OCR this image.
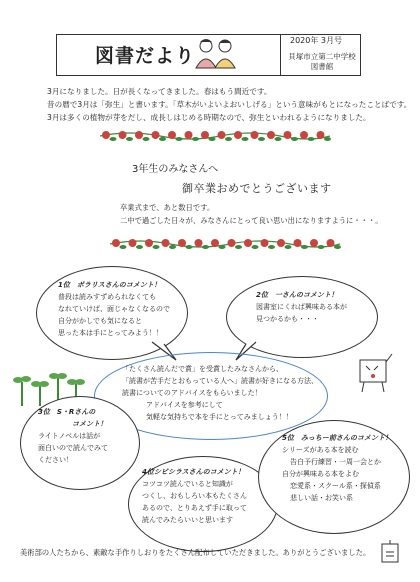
図書だより
2020年 3月号
貝塚市立第二中学校
図書館

3月になりました。日が長くなってきました。春はもう間近です。

昔の暦で3月は「弥生」と書います。「草木がいよいよおいしげる」という意味がもとになったことばです。

3月は多くの植物が芽をだし、成長しはじめる時期なので、弥生といわれるようになりました。

3年生のみなさんへ
御卒業おめでとうございます

卒業式まで、あと数日です。

二中で過ごした日々が、みなさんにとって良い思い出になりますように・・・。

1位　ボラリスさんのコメント！

普段は読みすずめられなくても

なれていけば、面じゃなくなるので

自分がかしでも気になると

思った本は手にとってみよう！！

2位　一さんのコメント！

図書室にくれば興味ある本が

見つかるかも・・・

「たくさん読んだで賞」を受賞したみなさんから、

「読書が苦手だとおもっている人へ」読書が好きになる方法、

読書についてのアドバイスをもらいました！

アドバイスを参考にして

気軽な気持ちで本を手にとってみましょう！！

3位　S・Rさんの

コメント！

ライトノベルは話が

面白いので読んでみて

ください！

4位シビシラスさんのコメント！

コツコツ読んでいると知識が

つくし、おもしろい本もたくさん

あるので、とりあえず手に取って

読んでみたらいいと思います

5位　みっちー前さんのコメント！

シリーズがある本を読む

告白予行練習・一周一会とか

自分が興味ある本をよむ

恋愛系・スクール系・探偵系

悲しい話・お笑い系

美術部の人たちから、素敵な手作りしおりをたくさん配布していただきました。ありがとうございました。
